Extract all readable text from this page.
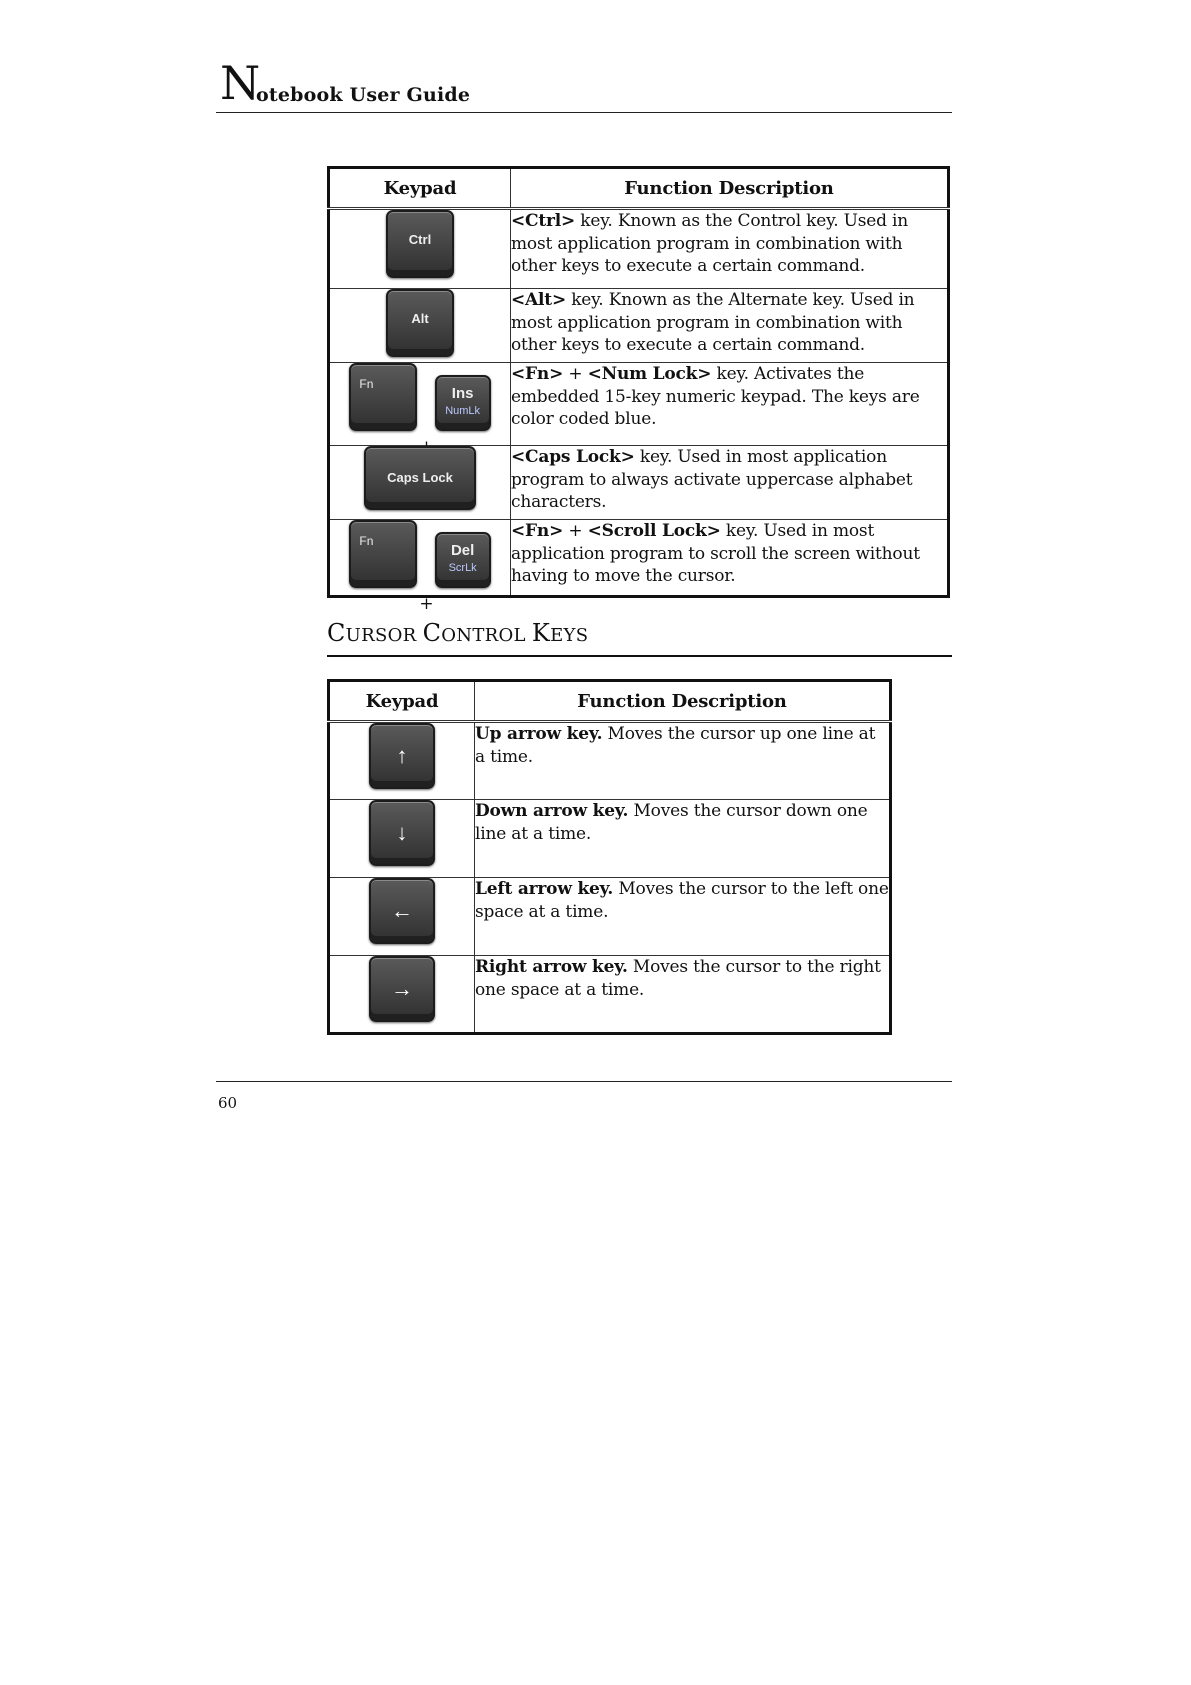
N
otebook User Guide
Keypad	Function Description

Ctrl	<Ctrl> key. Known as the Control key. Used in most application program in combination with other keys to execute a certain command.

Alt	<Alt> key. Known as the Alternate key. Used in most application program in combination with other keys to execute a certain command.

Fn
Ins
NumLk	<Fn> + <Num Lock> key. Activates the embedded 15-key numeric keypad. The keys are color coded blue.

Caps Lock	<Caps Lock> key. Used in most application program to always activate uppercase alphabet characters.

Fn
+
Del
ScrLk	<Fn> + <Scroll Lock> key. Used in most application program to scroll the screen without having to move the cursor.
CURSOR CONTROL KEYS
Keypad	Function Description

↑	Up arrow key. Moves the cursor up one line at a time.

↓	Down arrow key. Moves the cursor down one line at a time.

←	Left arrow key. Moves the cursor to the left one space at a time.

→	Right arrow key. Moves the cursor to the right one space at a time.
60
